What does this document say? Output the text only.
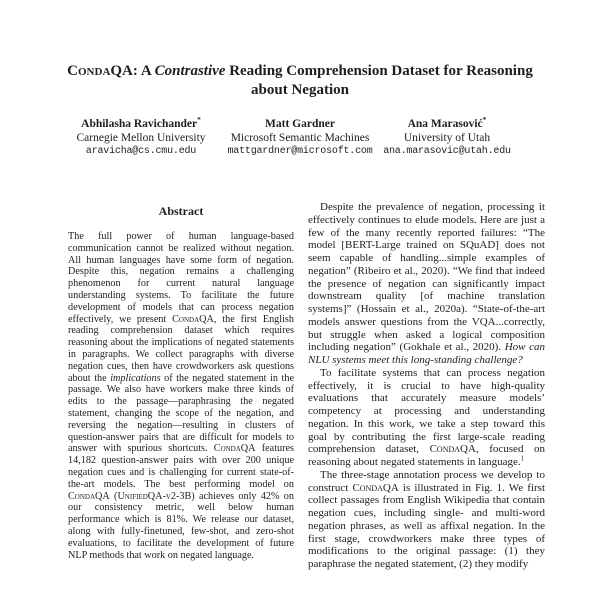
CondaQA: A Contrastive Reading Comprehension Dataset for Reasoning about Negation
Abhilasha Ravichander*
Carnegie Mellon University
aravicha@cs.cmu.edu
Matt Gardner
Microsoft Semantic Machines
mattgardner@microsoft.com
Ana Marasović*
University of Utah
ana.marasovic@utah.edu
Abstract

The full power of human language-based communication cannot be realized without negation. All human languages have some form of negation. Despite this, negation remains a challenging phenomenon for current natural language understanding systems. To facilitate the future development of models that can process negation effectively, we present CondaQA, the first English reading comprehension dataset which requires reasoning about the implications of negated statements in paragraphs. We collect paragraphs with diverse negation cues, then have crowdworkers ask questions about the implications of the negated statement in the passage. We also have workers make three kinds of edits to the passage—paraphrasing the negated statement, changing the scope of the negation, and reversing the negation—resulting in clusters of question-answer pairs that are difficult for models to answer with spurious shortcuts. CondaQA features 14,182 question-answer pairs with over 200 unique negation cues and is challenging for current state-of-the-art models. The best performing model on CondaQA (UnifiedQA-v2-3B) achieves only 42% on our consistency metric, well below human performance which is 81%. We release our dataset, along with fully-finetuned, few-shot, and zero-shot evaluations, to facilitate the development of future NLP methods that work on negated language.

Despite the prevalence of negation, processing it effectively continues to elude models. Here are just a few of the many recently reported failures: “The model [BERT-Large trained on SQuAD] does not seem capable of handling...simple examples of negation” (Ribeiro et al., 2020). “We find that indeed the presence of negation can significantly impact downstream quality [of machine translation systems]” (Hossain et al., 2020a). “State-of-the-art models answer questions from the VQA...correctly, but struggle when asked a logical composition including negation” (Gokhale et al., 2020). How can NLU systems meet this long-standing challenge?

To facilitate systems that can process negation effectively, it is crucial to have high-quality evaluations that accurately measure models’ competency at processing and understanding negation. In this work, we take a step toward this goal by contributing the first large-scale reading comprehension dataset, CondaQA, focused on reasoning about negated statements in language.$^1$

The three-stage annotation process we develop to construct CondaQA is illustrated in Fig. 1. We first collect passages from English Wikipedia that contain negation cues, including single- and multi-word negation phrases, as well as affixal negation. In the first stage, crowdworkers make three types of modifications to the original passage: (1) they paraphrase the negated statement, (2) they modify
